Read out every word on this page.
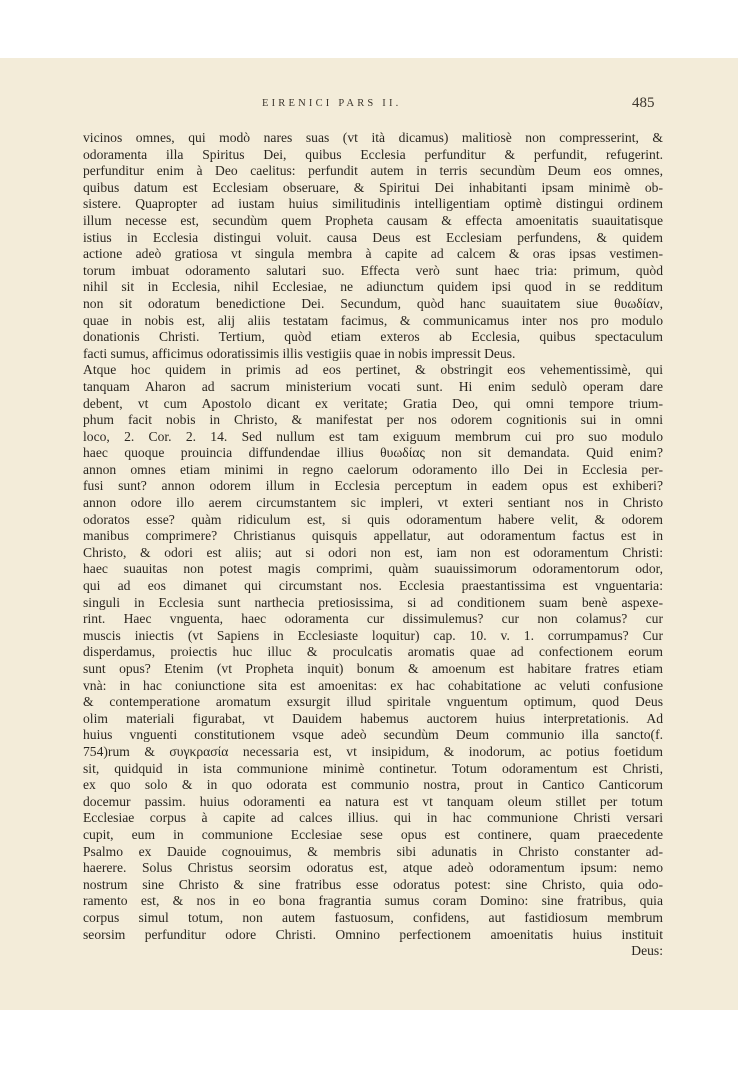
EIRENICI PARS II.	485
vicinos omnes, qui modò nares suas (vt ità dicamus) malitiosè non compresserint, &
odoramenta illa Spiritus Dei, quibus Ecclesia perfunditur & perfundit, refugerint.
perfunditur enim à Deo caelitus: perfundit autem in terris secundùm Deum eos omnes,
quibus datum est Ecclesiam obseruare, & Spiritui Dei inhabitanti ipsam minimè ob-
sistere. Quapropter ad iustam huius similitudinis intelligentiam optimè distingui ordinem
illum necesse est, secundùm quem Propheta causam & effecta amoenitatis suauitatisque
istius in Ecclesia distingui voluit. causa Deus est Ecclesiam perfundens, & quidem
actione adeò gratiosa vt singula membra à capite ad calcem & oras ipsas vestimen-
torum imbuat odoramento salutari suo. Effecta verò sunt haec tria: primum, quòd
nihil sit in Ecclesia, nihil Ecclesiae, ne adiunctum quidem ipsi quod in se redditum
non sit odoratum benedictione Dei. Secundum, quòd hanc suauitatem siue θυωδίαν,
quae in nobis est, alij aliis testatam facimus, & communicamus inter nos pro modulo
donationis Christi. Tertium, quòd etiam exteros ab Ecclesia, quibus spectaculum
facti sumus, afficimus odoratissimis illis vestigiis quae in nobis impressit Deus.
Atque hoc quidem in primis ad eos pertinet, & obstringit eos vehementissimè, qui
tanquam Aharon ad sacrum ministerium vocati sunt. Hi enim sedulò operam dare
debent, vt cum Apostolo dicant ex veritate; Gratia Deo, qui omni tempore trium-
phum facit nobis in Christo, & manifestat per nos odorem cognitionis sui in omni
loco, 2. Cor. 2. 14. Sed nullum est tam exiguum membrum cui pro suo modulo
haec quoque prouincia diffundendae illius θυωδίας non sit demandata. Quid enim?
annon omnes etiam minimi in regno caelorum odoramento illo Dei in Ecclesia per-
fusi sunt? annon odorem illum in Ecclesia perceptum in eadem opus est exhiberi?
annon odore illo aerem circumstantem sic impleri, vt exteri sentiant nos in Christo
odoratos esse? quàm ridiculum est, si quis odoramentum habere velit, & odorem
manibus comprimere? Christianus quisquis appellatur, aut odoramentum factus est in
Christo, & odori est aliis; aut si odori non est, iam non est odoramentum Christi:
haec suauitas non potest magis comprimi, quàm suauissimorum odoramentorum odor,
qui ad eos dimanet qui circumstant nos. Ecclesia praestantissima est vnguentaria:
singuli in Ecclesia sunt narthecia pretiosissima, si ad conditionem suam benè aspexe-
rint. Haec vnguenta, haec odoramenta cur dissimulemus? cur non colamus? cur
muscis iniectis (vt Sapiens in Ecclesiaste loquitur) cap. 10. v. 1. corrumpamus? Cur
disperdamus, proiectis huc illuc & proculcatis aromatis quae ad confectionem eorum
sunt opus? Etenim (vt Propheta inquit) bonum & amoenum est habitare fratres etiam
vnà: in hac coniunctione sita est amoenitas: ex hac cohabitatione ac veluti confusione
& contemperatione aromatum exsurgit illud spiritale vnguentum optimum, quod Deus
olim materiali figurabat, vt Dauidem habemus auctorem huius interpretationis. Ad
huius vnguenti constitutionem vsque adeò secundùm Deum communio illa sancto(f.
754)rum & συγκρασία necessaria est, vt insipidum, & inodorum, ac potius foetidum
sit, quidquid in ista communione minimè continetur. Totum odoramentum est Christi,
ex quo solo & in quo odorata est communio nostra, prout in Cantico Canticorum
docemur passim. huius odoramenti ea natura est vt tanquam oleum stillet per totum
Ecclesiae corpus à capite ad calces illius. qui in hac communione Christi versari
cupit, eum in communione Ecclesiae sese opus est continere, quam praecedente
Psalmo ex Dauide cognouimus, & membris sibi adunatis in Christo constanter ad-
haerere. Solus Christus seorsim odoratus est, atque adeò odoramentum ipsum: nemo
nostrum sine Christo & sine fratribus esse odoratus potest: sine Christo, quia odo-
ramento est, & nos in eo bona fragrantia sumus coram Domino: sine fratribus, quia
corpus simul totum, non autem fastuosum, confidens, aut fastidiosum membrum
seorsim perfunditur odore Christi. Omnino perfectionem amoenitatis huius instituit
Deus:
